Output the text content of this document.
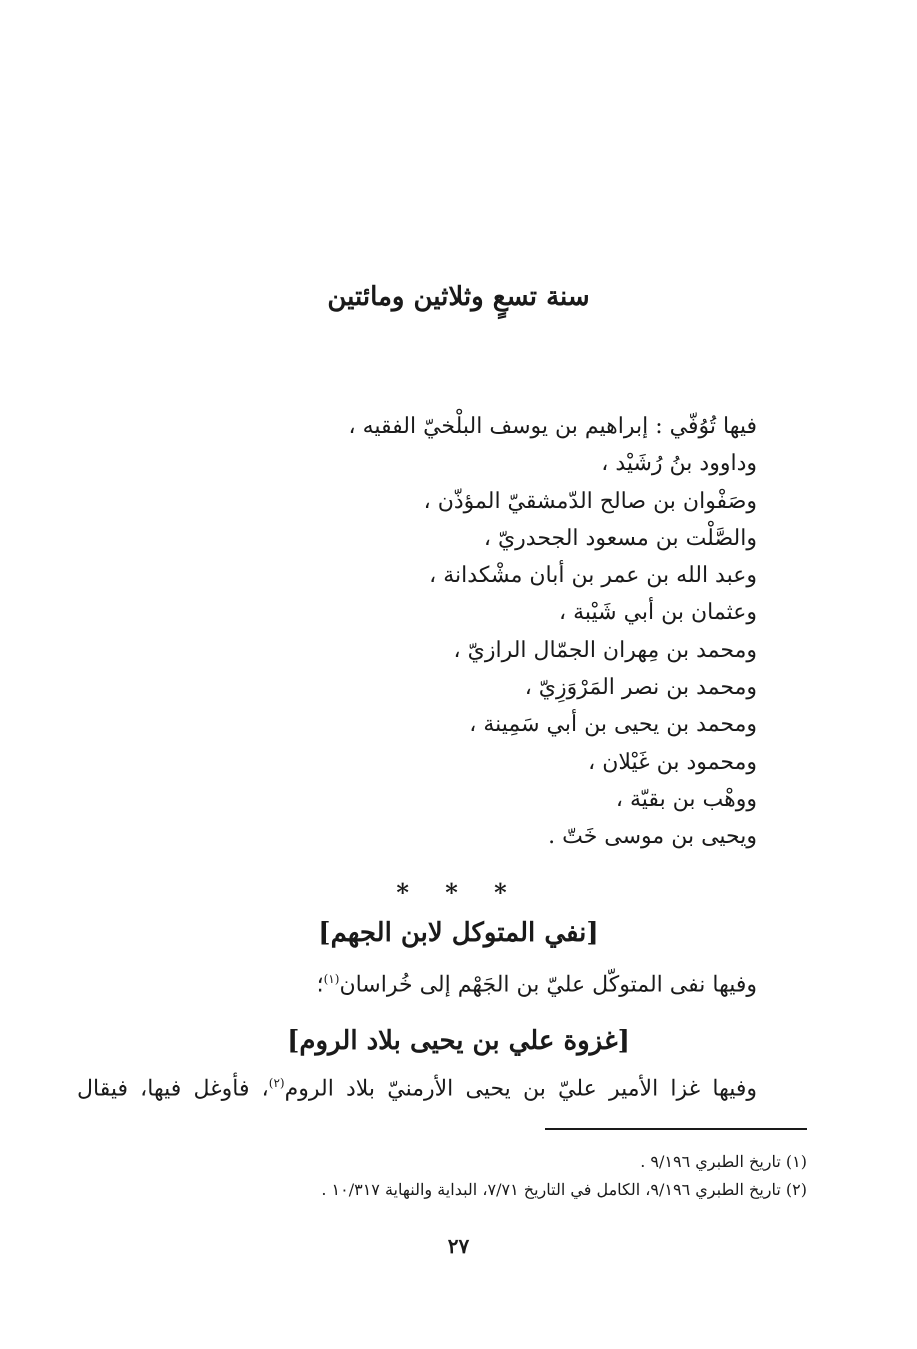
سنة تسعٍ وثلاثين ومائتين
فيها تُوُفّي : إبراهيم بن يوسف البلْخيّ الفقيه ،
وداوود بنُ رُشَيْد ،
وصَفْوان بن صالح الدّمشقيّ المؤذّن ،
والصَّلْت بن مسعود الجحدريّ ،
وعبد الله بن عمر بن أبان مشْكدانة ،
وعثمان بن أبي شَيْبة ،
ومحمد بن مِهران الجمّال الرازيّ ،
ومحمد بن نصر المَرْوَزِيّ ،
ومحمد بن يحيى بن أبي سَمِينة ،
ومحمود بن غَيْلان ،
ووهْب بن بقيّة ،
ويحيى بن موسى خَتّ .
* * *
[نفي المتوكل لابن الجهم]
وفيها نفى المتوكّل عليّ بن الجَهْم إلى خُراسان$^{(١)}$؛
[غزوة علي بن يحيى بلاد الروم]
وفيها غزا الأمير عليّ بن يحيى الأرمنيّ بلاد الروم$^{(٢)}$، فأوغل فيها، فيقال
(١) تاريخ الطبري ٩/١٩٦ .
(٢) تاريخ الطبري ٩/١٩٦، الكامل في التاريخ ٧/٧١، البداية والنهاية ١٠/٣١٧ .
٢٧
